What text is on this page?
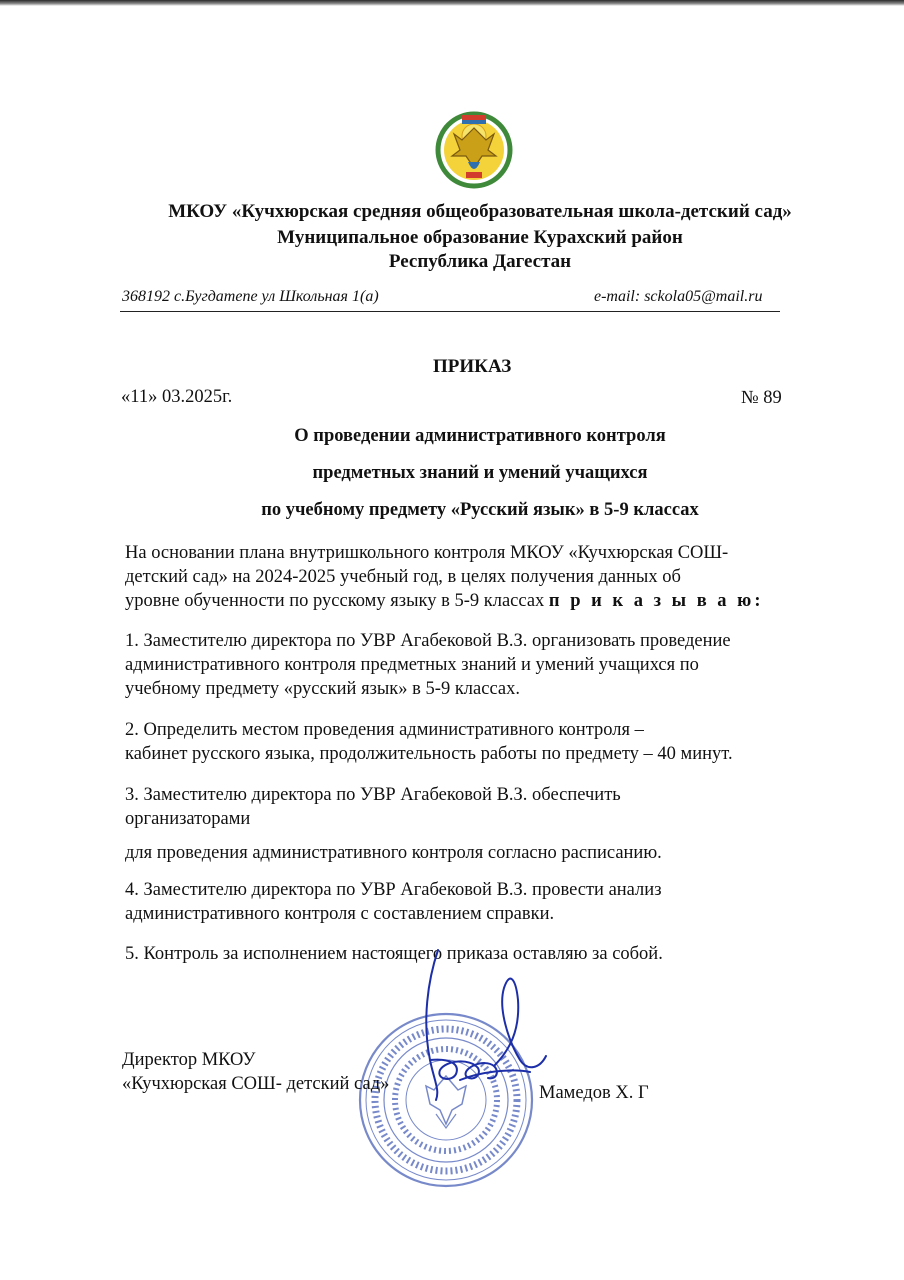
МКОУ «Кучхюрская средняя общеобразовательная школа-детский сад»
Муниципальное образование Курахский район
Республика Дагестан
368192 с.Бугдатепе ул Школьная 1(а)	e-mail: sckola05@mail.ru
ПРИКАЗ
«11» 03.2025г.	№ 89
О проведении административного контроля
предметных знаний и умений учащихся
по учебному предмету «Русский язык» в 5-9 классах
На основании плана внутришкольного контроля МКОУ «Кучхюрская СОШ-
детский сад» на 2024-2025 учебный год, в целях получения данных об
уровне обученности по русскому языку в 5-9 классах п р и к а з ы в а ю:
1. Заместителю директора по УВР Агабековой В.З. организовать проведение
административного контроля предметных знаний и умений учащихся по
учебному предмету «русский язык» в 5-9 классах.
2. Определить местом проведения административного контроля –
кабинет русского языка, продолжительность работы по предмету – 40 минут.
3. Заместителю директора по УВР Агабековой В.З. обеспечить
организаторами
для проведения административного контроля согласно расписанию.
4. Заместителю директора по УВР Агабековой В.З. провести анализ
административного контроля с составлением справки.
5. Контроль за исполнением настоящего приказа оставляю за собой.
Директор МКОУ
«Кучхюрская СОШ- детский сад»	Мамедов Х. Г
